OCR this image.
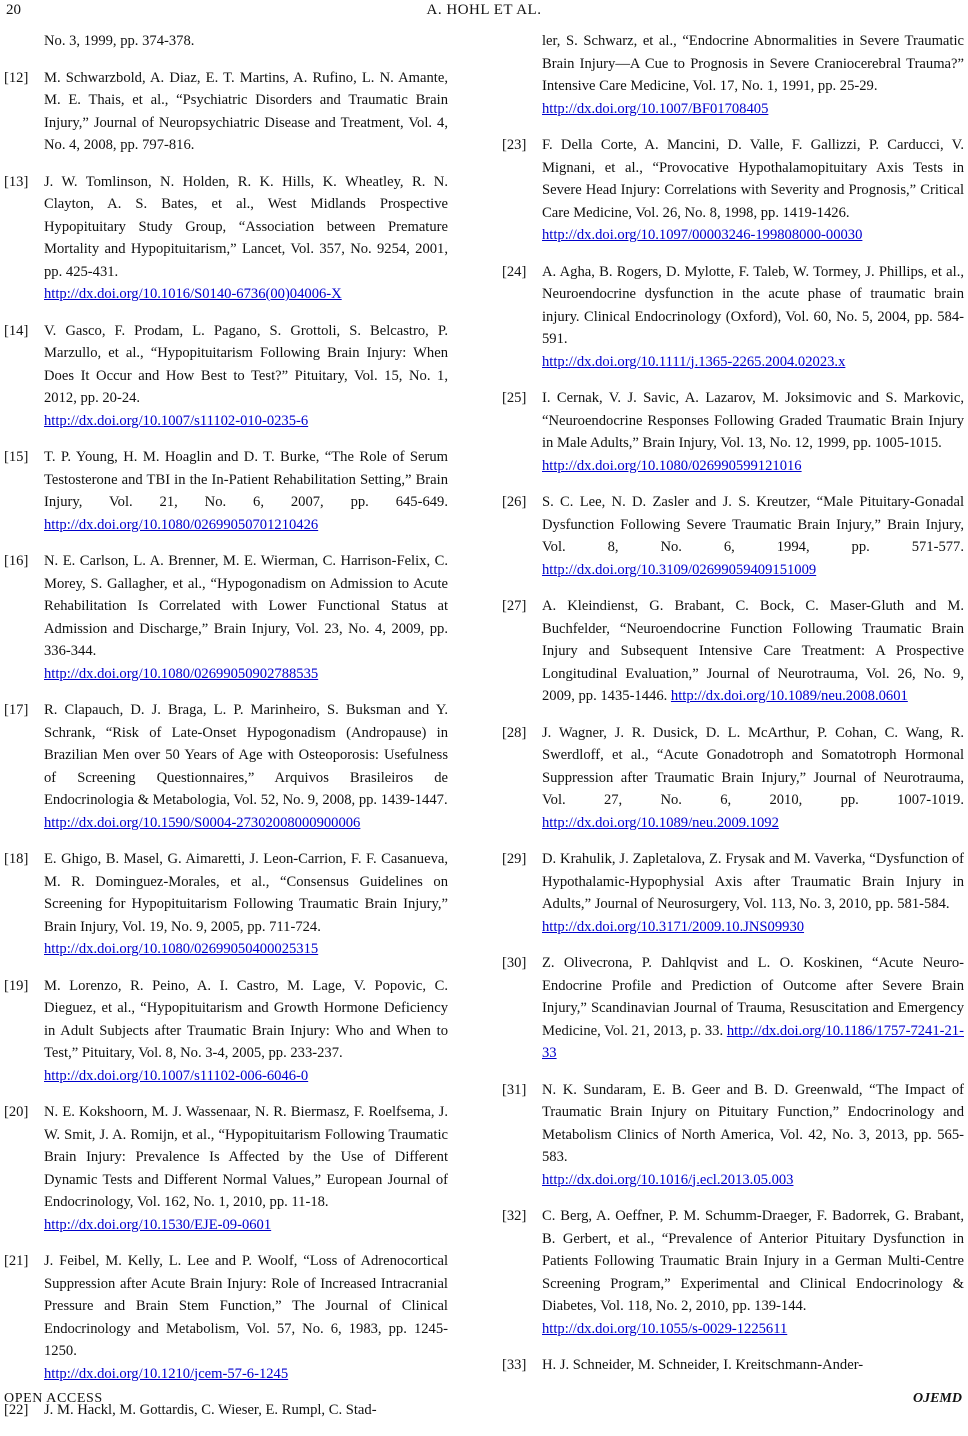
20	A. HOHL ET AL.
No. 3, 1999, pp. 374-378.
[12] M. Schwarzbold, A. Diaz, E. T. Martins, A. Rufino, L. N. Amante, M. E. Thais, et al., “Psychiatric Disorders and Traumatic Brain Injury,” Journal of Neuropsychiatric Disease and Treatment, Vol. 4, No. 4, 2008, pp. 797-816.
[13] J. W. Tomlinson, N. Holden, R. K. Hills, K. Wheatley, R. N. Clayton, A. S. Bates, et al., West Midlands Prospective Hypopituitary Study Group, “Association between Premature Mortality and Hypopituitarism,” Lancet, Vol. 357, No. 9254, 2001, pp. 425-431.
http://dx.doi.org/10.1016/S0140-6736(00)04006-X
[14] V. Gasco, F. Prodam, L. Pagano, S. Grottoli, S. Belcastro, P. Marzullo, et al., “Hypopituitarism Following Brain Injury: When Does It Occur and How Best to Test?” Pituitary, Vol. 15, No. 1, 2012, pp. 20-24.
http://dx.doi.org/10.1007/s11102-010-0235-6
[15] T. P. Young, H. M. Hoaglin and D. T. Burke, “The Role of Serum Testosterone and TBI in the In-Patient Rehabilitation Setting,” Brain Injury, Vol. 21, No. 6, 2007, pp. 645-649. http://dx.doi.org/10.1080/02699050701210426
[16] N. E. Carlson, L. A. Brenner, M. E. Wierman, C. Harrison-Felix, C. Morey, S. Gallagher, et al., “Hypogonadism on Admission to Acute Rehabilitation Is Correlated with Lower Functional Status at Admission and Discharge,” Brain Injury, Vol. 23, No. 4, 2009, pp. 336-344.
http://dx.doi.org/10.1080/02699050902788535
[17] R. Clapauch, D. J. Braga, L. P. Marinheiro, S. Buksman and Y. Schrank, “Risk of Late-Onset Hypogonadism (Andropause) in Brazilian Men over 50 Years of Age with Osteoporosis: Usefulness of Screening Questionnaires,” Arquivos Brasileiros de Endocrinologia & Metabologia, Vol. 52, No. 9, 2008, pp. 1439-1447.
http://dx.doi.org/10.1590/S0004-27302008000900006
[18] E. Ghigo, B. Masel, G. Aimaretti, J. Leon-Carrion, F. F. Casanueva, M. R. Dominguez-Morales, et al., “Consensus Guidelines on Screening for Hypopituitarism Following Traumatic Brain Injury,” Brain Injury, Vol. 19, No. 9, 2005, pp. 711-724.
http://dx.doi.org/10.1080/02699050400025315
[19] M. Lorenzo, R. Peino, A. I. Castro, M. Lage, V. Popovic, C. Dieguez, et al., “Hypopituitarism and Growth Hormone Deficiency in Adult Subjects after Traumatic Brain Injury: Who and When to Test,” Pituitary, Vol. 8, No. 3-4, 2005, pp. 233-237.
http://dx.doi.org/10.1007/s11102-006-6046-0
[20] N. E. Kokshoorn, M. J. Wassenaar, N. R. Biermasz, F. Roelfsema, J. W. Smit, J. A. Romijn, et al., “Hypopituitarism Following Traumatic Brain Injury: Prevalence Is Affected by the Use of Different Dynamic Tests and Different Normal Values,” European Journal of Endocrinology, Vol. 162, No. 1, 2010, pp. 11-18.
http://dx.doi.org/10.1530/EJE-09-0601
[21] J. Feibel, M. Kelly, L. Lee and P. Woolf, “Loss of Adrenocortical Suppression after Acute Brain Injury: Role of Increased Intracranial Pressure and Brain Stem Function,” The Journal of Clinical Endocrinology and Metabolism, Vol. 57, No. 6, 1983, pp. 1245-1250.
http://dx.doi.org/10.1210/jcem-57-6-1245
[22] J. M. Hackl, M. Gottardis, C. Wieser, E. Rumpl, C. Stad-
ler, S. Schwarz, et al., “Endocrine Abnormalities in Severe Traumatic Brain Injury—A Cue to Prognosis in Severe Craniocerebral Trauma?” Intensive Care Medicine, Vol. 17, No. 1, 1991, pp. 25-29.
http://dx.doi.org/10.1007/BF01708405
[23] F. Della Corte, A. Mancini, D. Valle, F. Gallizzi, P. Carducci, V. Mignani, et al., “Provocative Hypothalamopituitary Axis Tests in Severe Head Injury: Correlations with Severity and Prognosis,” Critical Care Medicine, Vol. 26, No. 8, 1998, pp. 1419-1426.
http://dx.doi.org/10.1097/00003246-199808000-00030
[24] A. Agha, B. Rogers, D. Mylotte, F. Taleb, W. Tormey, J. Phillips, et al., Neuroendocrine dysfunction in the acute phase of traumatic brain injury. Clinical Endocrinology (Oxford), Vol. 60, No. 5, 2004, pp. 584-591.
http://dx.doi.org/10.1111/j.1365-2265.2004.02023.x
[25] I. Cernak, V. J. Savic, A. Lazarov, M. Joksimovic and S. Markovic, “Neuroendocrine Responses Following Graded Traumatic Brain Injury in Male Adults,” Brain Injury, Vol. 13, No. 12, 1999, pp. 1005-1015.
http://dx.doi.org/10.1080/026990599121016
[26] S. C. Lee, N. D. Zasler and J. S. Kreutzer, “Male Pituitary-Gonadal Dysfunction Following Severe Traumatic Brain Injury,” Brain Injury, Vol. 8, No. 6, 1994, pp. 571-577. http://dx.doi.org/10.3109/02699059409151009
[27] A. Kleindienst, G. Brabant, C. Bock, C. Maser-Gluth and M. Buchfelder, “Neuroendocrine Function Following Traumatic Brain Injury and Subsequent Intensive Care Treatment: A Prospective Longitudinal Evaluation,” Journal of Neurotrauma, Vol. 26, No. 9, 2009, pp. 1435-1446. http://dx.doi.org/10.1089/neu.2008.0601
[28] J. Wagner, J. R. Dusick, D. L. McArthur, P. Cohan, C. Wang, R. Swerdloff, et al., “Acute Gonadotroph and Somatotroph Hormonal Suppression after Traumatic Brain Injury,” Journal of Neurotrauma, Vol. 27, No. 6, 2010, pp. 1007-1019. http://dx.doi.org/10.1089/neu.2009.1092
[29] D. Krahulik, J. Zapletalova, Z. Frysak and M. Vaverka, “Dysfunction of Hypothalamic-Hypophysial Axis after Traumatic Brain Injury in Adults,” Journal of Neurosurgery, Vol. 113, No. 3, 2010, pp. 581-584.
http://dx.doi.org/10.3171/2009.10.JNS09930
[30] Z. Olivecrona, P. Dahlqvist and L. O. Koskinen, “Acute Neuro-Endocrine Profile and Prediction of Outcome after Severe Brain Injury,” Scandinavian Journal of Trauma, Resuscitation and Emergency Medicine, Vol. 21, 2013, p. 33. http://dx.doi.org/10.1186/1757-7241-21-33
[31] N. K. Sundaram, E. B. Geer and B. D. Greenwald, “The Impact of Traumatic Brain Injury on Pituitary Function,” Endocrinology and Metabolism Clinics of North America, Vol. 42, No. 3, 2013, pp. 565-583.
http://dx.doi.org/10.1016/j.ecl.2013.05.003
[32] C. Berg, A. Oeffner, P. M. Schumm-Draeger, F. Badorrek, G. Brabant, B. Gerbert, et al., “Prevalence of Anterior Pituitary Dysfunction in Patients Following Traumatic Brain Injury in a German Multi-Centre Screening Program,” Experimental and Clinical Endocrinology & Diabetes, Vol. 118, No. 2, 2010, pp. 139-144.
http://dx.doi.org/10.1055/s-0029-1225611
[33] H. J. Schneider, M. Schneider, I. Kreitschmann-Ander-
OPEN ACCESS	OJEMD
